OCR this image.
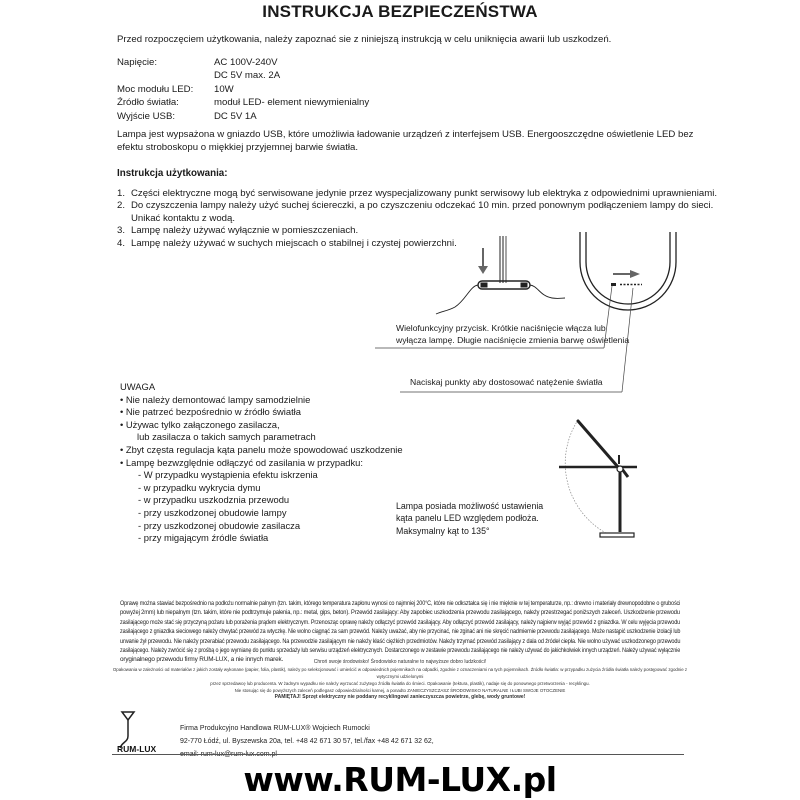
INSTRUKCJA BEZPIECZEŃSTWA
Przed rozpoczęciem użytkowania, należy zapoznać sie z niniejszą instrukcją w celu uniknięcia awarii lub uszkodzeń.
Napięcie:	AC 100V-240V
DC 5V max. 2A
Moc modułu LED:	10W
Źródło światła:	moduł LED- element niewymienialny
Wyjście USB:	DC 5V 1A
Lampa jest wypsażona w gniazdo USB, które umożliwia ładowanie urządzeń z interfejsem USB. Energooszczędne oświetlenie LED bez efektu stroboskopu o miękkiej przyjemnej barwie światła.
Instrukcja użytkowania:
1. Części elektryczne mogą być serwisowane jedynie przez wyspecjalizowany punkt serwisowy lub elektryka z odpowiednimi uprawnieniami.
2. Do czyszczenia lampy należy użyć suchej ściereczki, a po czyszczeniu odczekać 10 min. przed ponownym podłączeniem lampy do sieci.
Unikać kontaktu z wodą.
3. Lampę należy używać wyłącznie w pomieszczeniach.
4. Lampę należy używać w suchych miejscach o stabilnej i czystej powierzchni.
Wielofunkcyjny przycisk. Krótkie naciśnięcie włącza lub
wyłącza lampę. Długie naciśnięcie zmienia barwę oświetlenia
Naciskaj punkty aby dostosować natężenie światła
Lampa posiada możliwość ustawienia
kąta panelu LED względem podłoża.
Maksymalny kąt to 135°
UWAGA
• Nie należy demontować lampy samodzielnie
• Nie patrzeć bezpośrednio w źródło światła
• Używac tylko załączonego zasilacza,
lub zasilacza o takich samych parametrach
• Zbyt częsta regulacja kąta panelu może spowodować uszkodzenie
• Lampę bezwzględnie odłączyć od zasilania w przypadku:
- W przypadku wystąpienia efektu iskrzenia
- w przypadku wykrycia dymu
- w przypadku uszkodznia przewodu
- przy uszkodzonej obudowie lampy
- przy uszkodzonej obudowie zasilacza
- przy migającym źródle światła
Oprawę można stawiać bezpośrednio na podłożu normalnie palnym (tzn. takim, którego temperatura zapłonu wynosi co najmniej 200°C, które nie odkształca się i nie mięknie w tej temperaturze, np.: drewno i materiały drewnopodobne o grubości
powyżej 2mm) lub niepalnym (tzn. takim, które nie podtrzymuje palenia, np.: metal, gips, beton). Przewód zasilający: Aby zapobiec uszkodzenia przewodu zasilającego, należy przestrzegać poniższych zaleceń. Uszkodzenie przewodu
zasilającego może stać się przyczyną pożaru lub porażenia prądem elektrycznym. Przenosząc oprawę należy odłączyć przewód zasilający. Aby odłączyć przewód zasilający, należy najpierw wyjąć przewód z gniazdka. W celu wyjęcia przewodu
zasilającego z gniazdka sieciowego należy chwytać przewód za wtyczkę. Nie wolno ciągnąć za sam przewód. Należy uważać, aby nie przycinać, nie zginać ani nie skręcić nadmiernie przewodu zasilającego. Może nastąpić uszkodzenie izolacji lub
urwanie żył przewodu. Nie należy przerabiać przewodu zasilającego. Na przewodzie zasilającym nie należy kłaść ciężkich przedmiotów. Należy trzymać przewód zasilający z dala od źródeł ciepła. Nie wolno używać uszkodzonego przewodu
zasilającego. Należy zwrócić się z prośbą o jego wymianę do punktu sprzedaży lub serwisu urządzeń elektrycznych. Dostarczonego w zestawie przewodu zasilającego nie należy używać do jakichkolwiek innych urządzeń. Należy używać wyłącznie
oryginalnego przewodu firmy RUM-LUX, a nie innych marek.	Chroń swoje środowisko! Środowisko naturalne to najwyższe dobro ludzkości!
Opakowania w zależności od materiałów z jakich zostały wykonane (papier, folia, plastik), należy po selekcjonować i umieścić w odpowiednich pojemnikach na odpadki, zgodnie z oznaczeniami na tych pojemnikach. Źródło światła: w przypadku zużycia źródła światła należy postępować zgodnie z wytycznymi udzielonymi
przez sprzedawcę lub producenta. W żadnym wypadku nie należy wyrzucać zużytego źródła światła do śmieci. Opakowanie (tektura, plastik), nadaje się do ponownego przetworzenia - recyklingu.
Nie stosując się do powyższych zaleceń podlegasz odpowiedzialności karnej, a ponadto ZANIECZYSZCZASZ ŚRODOWISKO NATURALNE I ŁUBI SWOJE OTOCZENIE
PAMIĘTAJ! Sprzęt elektryczny nie poddany recyklingowi zanieczyszcza powietrze, glebę, wody gruntowe!
RUM-LUX
Firma Produkcyjno Handlowa RUM-LUX® Wojciech Rumocki
92-770 Łódź, ul. Byszewska 20a, tel. +48 42 671 30 57, tel./fax +48 42 671 32 62,
www.RUM-LUX.pl
